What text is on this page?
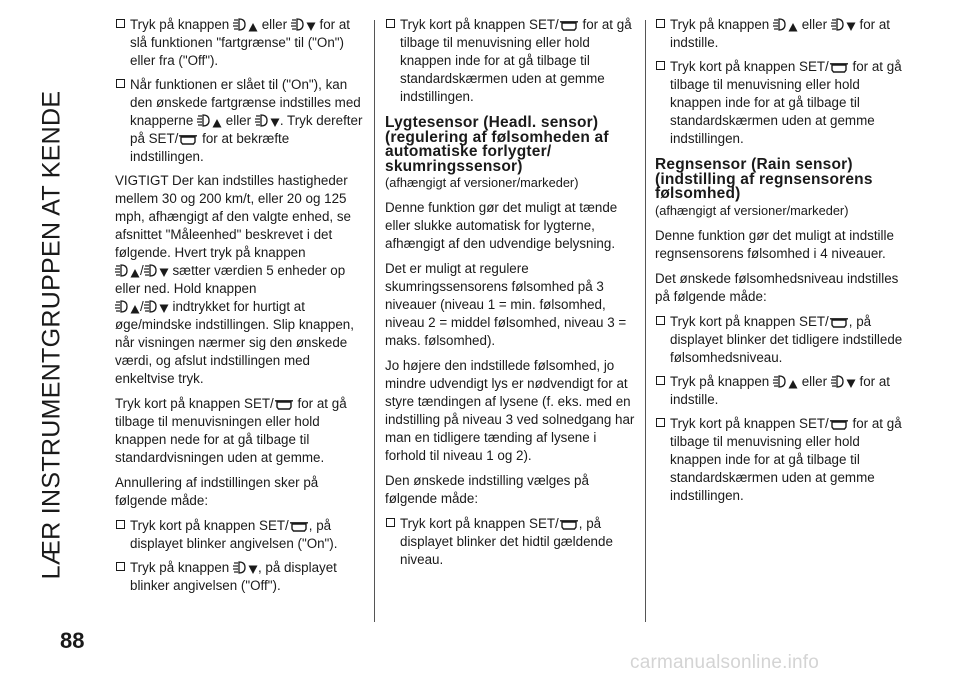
LÆR INSTRUMENTGRUPPEN AT KENDE

Tryk på knappen eller for at slå funktionen "fartgrænse" til ("On") eller fra ("Off").

Når funktionen er slået til ("On"), kan den ønskede fartgrænse indstilles med knapperne eller . Tryk derefter på SET/ for at bekræfte indstillingen.

VIGTIGT Der kan indstilles hastigheder mellem 30 og 200 km/t, eller 20 og 125 mph, afhængigt af den valgte enhed, se afsnittet "Måleenhed" beskrevet i det følgende. Hvert tryk på knappen

/ sætter værdien 5 enheder op eller ned. Hold knappen

/ indtrykket for hurtigt at øge/mindske indstillingen. Slip knappen, når visningen nærmer sig den ønskede værdi, og afslut indstillingen med enkeltvise tryk.

Tryk kort på knappen SET/ for at gå tilbage til menuvisningen eller hold knappen nede for at gå tilbage til standardvisningen uden at gemme.

Annullering af indstillingen sker på følgende måde:

Tryk kort på knappen SET/ , på displayet blinker angivelsen ("On").

Tryk på knappen , på displayet blinker angivelsen ("Off").

Tryk kort på knappen SET/ for at gå tilbage til menuvisning eller hold knappen inde for at gå tilbage til standardskærmen uden at gemme indstillingen.

Lygtesensor (Headl. sensor) (regulering af følsomheden af automatiske forlygter/ skumringssensor)

(afhængigt af versioner/markeder)

Denne funktion gør det muligt at tænde eller slukke automatisk for lygterne, afhængigt af den udvendige belysning.

Det er muligt at regulere skumringssensorens følsomhed på 3 niveauer (niveau 1 = min. følsomhed, niveau 2 = middel følsomhed, niveau 3 = maks. følsomhed).

Jo højere den indstillede følsomhed, jo mindre udvendigt lys er nødvendigt for at styre tændingen af lysene (f. eks. med en indstilling på niveau 3 ved solnedgang har man en tidligere tænding af lysene i forhold til niveau 1 og 2).

Den ønskede indstilling vælges på følgende måde:

Tryk kort på knappen SET/ , på displayet blinker det hidtil gældende niveau.

Tryk på knappen eller for at indstille.

Tryk kort på knappen SET/ for at gå tilbage til menuvisning eller hold knappen inde for at gå tilbage til standardskærmen uden at gemme indstillingen.

Regnsensor (Rain sensor) (indstilling af regnsensorens følsomhed)

(afhængigt af versioner/markeder)

Denne funktion gør det muligt at indstille regnsensorens følsomhed i 4 niveauer.

Det ønskede følsomhedsniveau indstilles på følgende måde:

Tryk kort på knappen SET/ , på displayet blinker det tidligere indstillede følsomhedsniveau.

Tryk på knappen eller for at indstille.

Tryk kort på knappen SET/ for at gå tilbage til menuvisning eller hold knappen inde for at gå tilbage til standardskærmen uden at gemme indstillingen.

88
carmanualsonline.info
